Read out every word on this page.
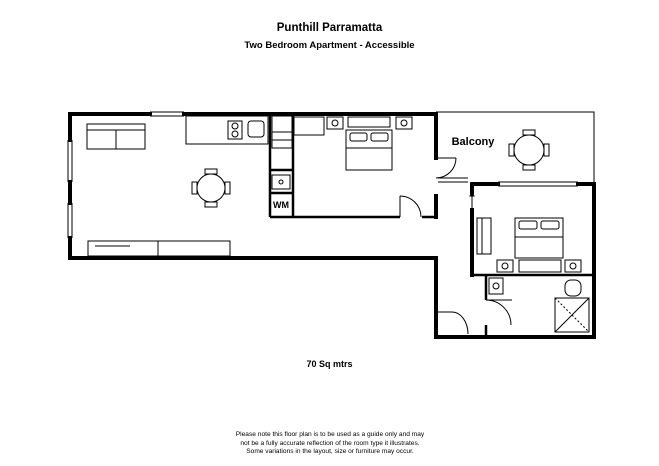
Punthill Parramatta
Two Bedroom Apartment - Accessible
WM
Balcony
70 Sq mtrs
Please note this floor plan is to be used as a guide only and may
not be a fully accurate reflection of the room type it illustrates.
Some variations in the layout, size or furniture may occur.
